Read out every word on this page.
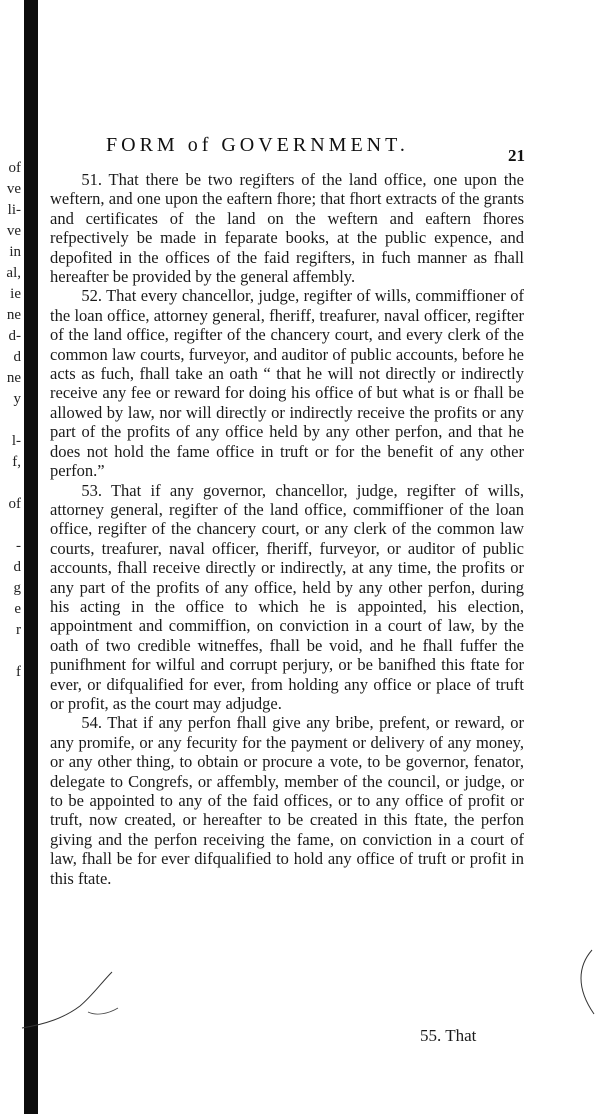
of
ve
li-
ve
in
al,
ie
ne
d-
d
ne
y
l-
f,
of
-
d
g
e
r
f
FORM of GOVERNMENT.	21

51. That there be two regifters of the land office, one upon the weftern, and one upon the eaftern fhore; that fhort extracts of the grants and certificates of the land on the weftern and eaftern fhores refpectively be made in feparate books, at the public expence, and depofited in the offices of the faid regifters, in fuch manner as fhall hereafter be provided by the general affembly.

52. That every chancellor, judge, regifter of wills, commiffioner of the loan office, attorney general, fheriff, treafurer, naval officer, regifter of the land office, regifter of the chancery court, and every clerk of the common law courts, furveyor, and auditor of public accounts, before he acts as fuch, fhall take an oath “ that he will not directly or indirectly receive any fee or reward for doing his office of but what is or fhall be allowed by law, nor will directly or indirectly receive the profits or any part of the profits of any office held by any other perfon, and that he does not hold the fame office in truft or for the benefit of any other perfon.”

53. That if any governor, chancellor, judge, regifter of wills, attorney general, regifter of the land office, commiffioner of the loan office, regifter of the chancery court, or any clerk of the common law courts, treafurer, naval officer, fheriff, furveyor, or auditor of public accounts, fhall receive directly or indirectly, at any time, the profits or any part of the profits of any office, held by any other perfon, during his acting in the office to which he is appointed, his election, appointment and commiffion, on conviction in a court of law, by the oath of two credible witneffes, fhall be void, and he fhall fuffer the punifhment for wilful and corrupt perjury, or be banifhed this ftate for ever, or difqualified for ever, from holding any office or place of truft or profit, as the court may adjudge.

54. That if any perfon fhall give any bribe, prefent, or reward, or any promife, or any fecurity for the payment or delivery of any money, or any other thing, to obtain or procure a vote, to be governor, fenator, delegate to Congrefs, or affembly, member of the council, or judge, or to be appointed to any of the faid offices, or to any office of profit or truft, now created, or hereafter to be created in this ftate, the perfon giving and the perfon receiving the fame, on conviction in a court of law, fhall be for ever difqualified to hold any office of truft or profit in this ftate.

55. That
